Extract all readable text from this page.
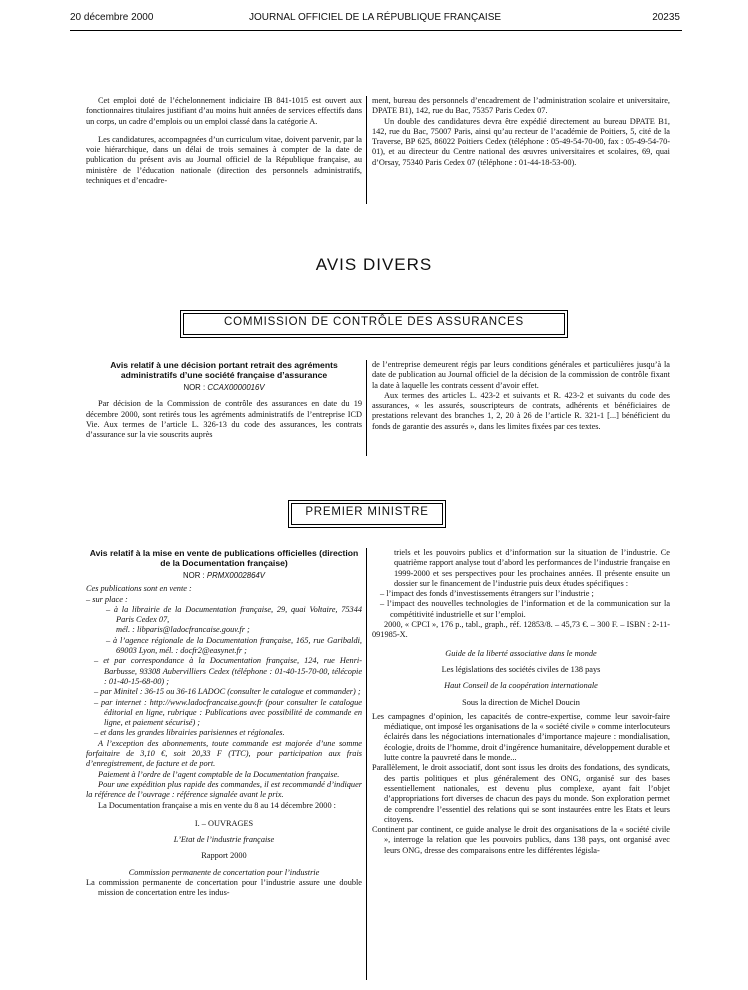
20 décembre 2000	JOURNAL OFFICIEL DE LA RÉPUBLIQUE FRANÇAISE	20235

Cet emploi doté de l’échelonnement indiciaire IB 841-1015 est ouvert aux fonctionnaires titulaires justifiant d’au moins huit années de services effectifs dans un corps, un cadre d’emplois ou un emploi classé dans la catégorie A.

Les candidatures, accompagnées d’un curriculum vitae, doivent parvenir, par la voie hiérarchique, dans un délai de trois semaines à compter de la date de publication du présent avis au Journal officiel de la République française, au ministère de l’éducation nationale (direction des personnels administratifs, techniques et d’encadre-

ment, bureau des personnels d’encadrement de l’administration scolaire et universitaire, DPATE B1), 142, rue du Bac, 75357 Paris Cedex 07.

Un double des candidatures devra être expédié directement au bureau DPATE B1, 142, rue du Bac, 75007 Paris, ainsi qu’au recteur de l’académie de Poitiers, 5, cité de la Traverse, BP 625, 86022 Poitiers Cedex (téléphone : 05-49-54-70-00, fax : 05-49-54-70-01), et au directeur du Centre national des œuvres universitaires et scolaires, 69, quai d’Orsay, 75340 Paris Cedex 07 (téléphone : 01-44-18-53-00).

AVIS DIVERS
COMMISSION DE CONTRÔLE DES ASSURANCES
Avis relatif à une décision portant retrait des agréments administratifs d’une société française d’assurance
NOR : CCAX0000016V

Par décision de la Commission de contrôle des assurances en date du 19 décembre 2000, sont retirés tous les agréments administratifs de l’entreprise ICD Vie. Aux termes de l’article L. 326-13 du code des assurances, les contrats d’assurance sur la vie souscrits auprès

de l’entreprise demeurent régis par leurs conditions générales et particulières jusqu’à la date de publication au Journal officiel de la décision de la commission de contrôle fixant la date à laquelle les contrats cessent d’avoir effet.

Aux termes des articles L. 423-2 et suivants et R. 423-2 et suivants du code des assurances, « les assurés, souscripteurs de contrats, adhérents et bénéficiaires de prestations relevant des branches 1, 2, 20 à 26 de l’article R. 321-1 [...] bénéficient du fonds de garantie des assurés », dans les limites fixées par ces textes.

PREMIER MINISTRE
Avis relatif à la mise en vente de publications officielles (direction de la Documentation française)
NOR : PRMX0002864V

Ces publications sont en vente :

– sur place :

– à la librairie de la Documentation française, 29, quai Voltaire, 75344 Paris Cedex 07,

mél. : libparis@ladocfrancaise.gouv.fr ;

– à l’agence régionale de la Documentation française, 165, rue Garibaldi, 69003 Lyon, mél. : docfr2@easynet.fr ;

– et par correspondance à la Documentation française, 124, rue Henri-Barbusse, 93308 Aubervilliers Cedex (téléphone : 01-40-15-70-00, télécopie : 01-40-15-68-00) ;

– par Minitel : 36-15 ou 36-16 LADOC (consulter le catalogue et commander) ;

– par internet : http://www.ladocfrancaise.gouv.fr (pour consulter le catalogue éditorial en ligne, rubrique : Publications avec possibilité de commande en ligne, et paiement sécurisé) ;

– et dans les grandes librairies parisiennes et régionales.

A l’exception des abonnements, toute commande est majorée d’une somme forfaitaire de 3,10 €, soit 20,33 F (TTC), pour participation aux frais d’enregistrement, de facture et de port.

Paiement à l’ordre de l’agent comptable de la Documentation française.

Pour une expédition plus rapide des commandes, il est recommandé d’indiquer la référence de l’ouvrage : référence signalée avant le prix.

La Documentation française a mis en vente du 8 au 14 décembre 2000 :

I. – OUVRAGES

L’Etat de l’industrie française

Rapport 2000

Commission permanente de concertation pour l’industrie

La commission permanente de concertation pour l’industrie assure une double mission de concertation entre les indus-

triels et les pouvoirs publics et d’information sur la situation de l’industrie. Ce quatrième rapport analyse tout d’abord les performances de l’industrie française en 1999-2000 et ses perspectives pour les prochaines années. Il présente ensuite un dossier sur le financement de l’industrie puis deux études spécifiques :

– l’impact des fonds d’investissements étrangers sur l’industrie ;

– l’impact des nouvelles technologies de l’information et de la communication sur la compétitivité industrielle et sur l’emploi.

2000, « CPCI », 176 p., tabl., graph., réf. 12853/8. – 45,73 €. – 300 F. – ISBN : 2-11-091985-X.

Guide de la liberté associative dans le monde

Les législations des sociétés civiles de 138 pays

Haut Conseil de la coopération internationale

Sous la direction de Michel Doucin

Les campagnes d’opinion, les capacités de contre-expertise, comme leur savoir-faire médiatique, ont imposé les organisations de la « société civile » comme interlocuteurs éclairés dans les négociations internationales d’importance majeure : mondialisation, écologie, droits de l’homme, droit d’ingérence humanitaire, développement durable et lutte contre la pauvreté dans le monde...

Parallèlement, le droit associatif, dont sont issus les droits des fondations, des syndicats, des partis politiques et plus généralement des ONG, organisé sur des bases essentiellement nationales, est devenu plus complexe, ayant fait l’objet d’appropriations fort diverses de chacun des pays du monde. Son exploration permet de comprendre l’essentiel des relations qui se sont instaurées entre les Etats et leurs citoyens.

Continent par continent, ce guide analyse le droit des organisations de la « société civile », interroge la relation que les pouvoirs publics, dans 138 pays, ont organisé avec leurs ONG, dresse des comparaisons entre les différentes législa-
